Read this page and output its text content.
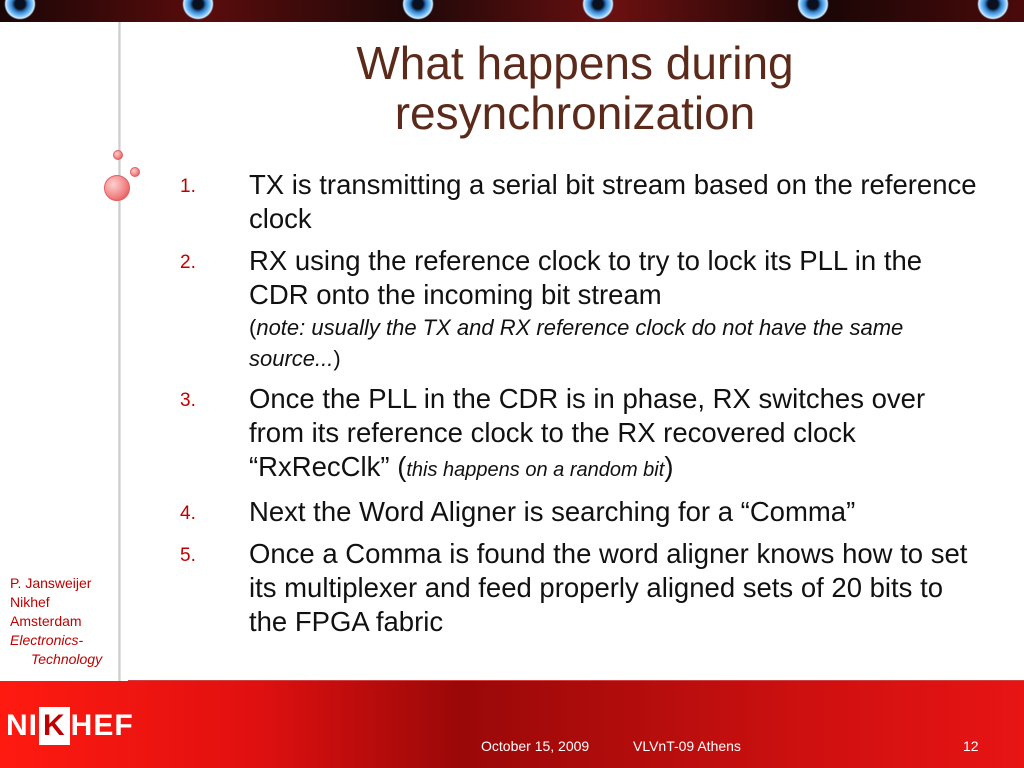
What happens during resynchronization
1. TX is transmitting a serial bit stream based on the reference clock
2. RX using the reference clock to try to lock its PLL in the CDR onto the incoming bit stream
(note: usually the TX and RX reference clock do not have the same source...)
3. Once the PLL in the CDR is in phase, RX switches over from its reference clock to the RX recovered clock “RxRecClk” (this happens on a random bit)
4. Next the Word Aligner is searching for a “Comma”
5. Once a Comma is found the word aligner knows how to set its multiplexer and feed properly aligned sets of 20 bits to the FPGA fabric
P. Jansweijer
Nikhef
Amsterdam
Electronics-
Technology
NI K HEF
October 15, 2009	VLVnT-09 Athens	12
